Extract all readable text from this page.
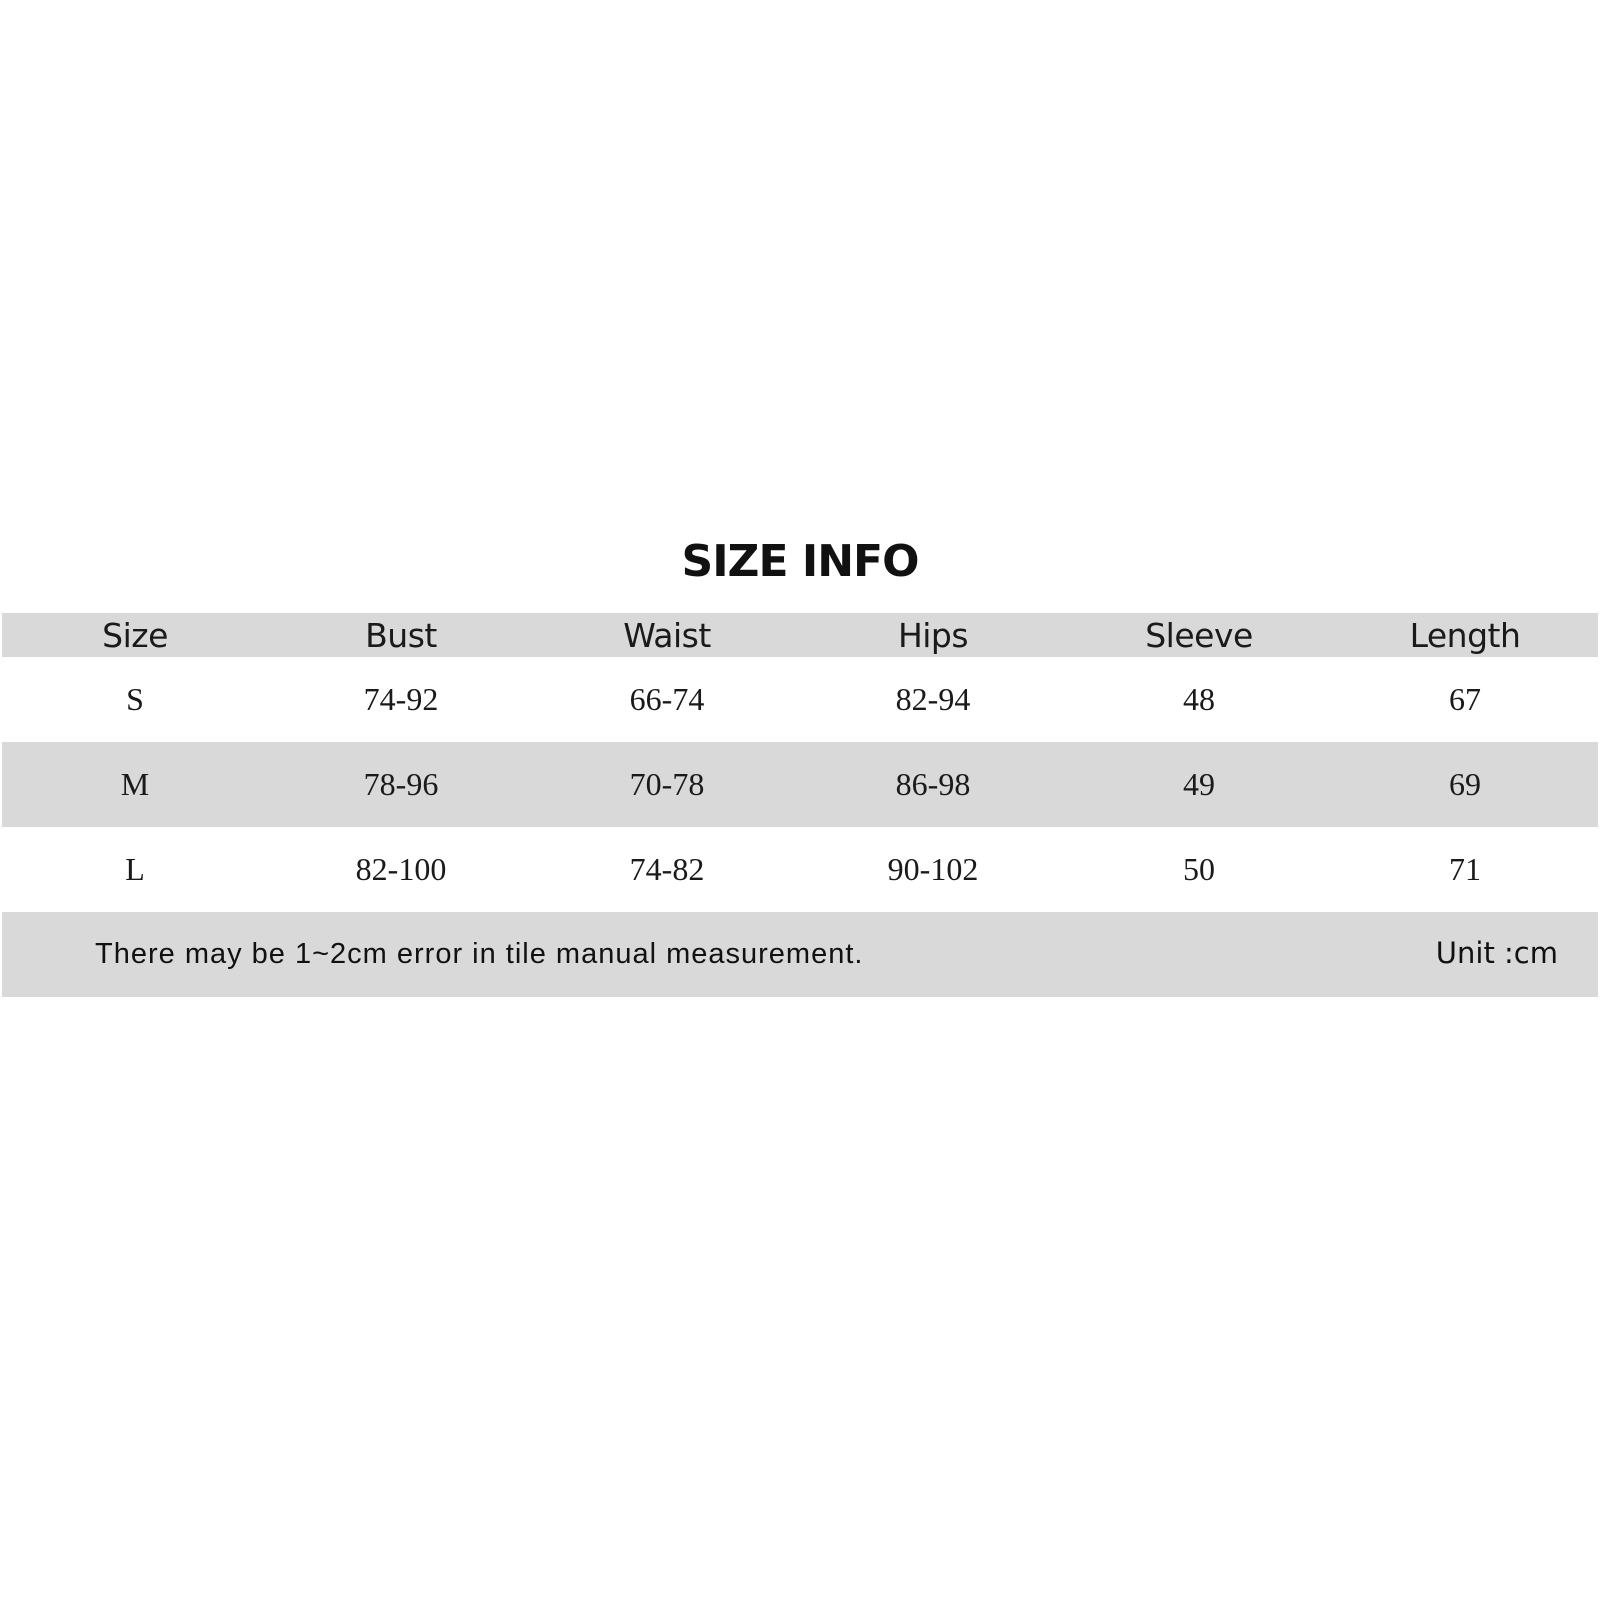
SIZE INFO
Size	Bust	Waist	Hips	Sleeve	Length
S	74-92	66-74	82-94	48	67
M	78-96	70-78	86-98	49	69
L	82-100	74-82	90-102	50	71
There may be 1~2cm error in tile manual measurement.	Unit :cm
